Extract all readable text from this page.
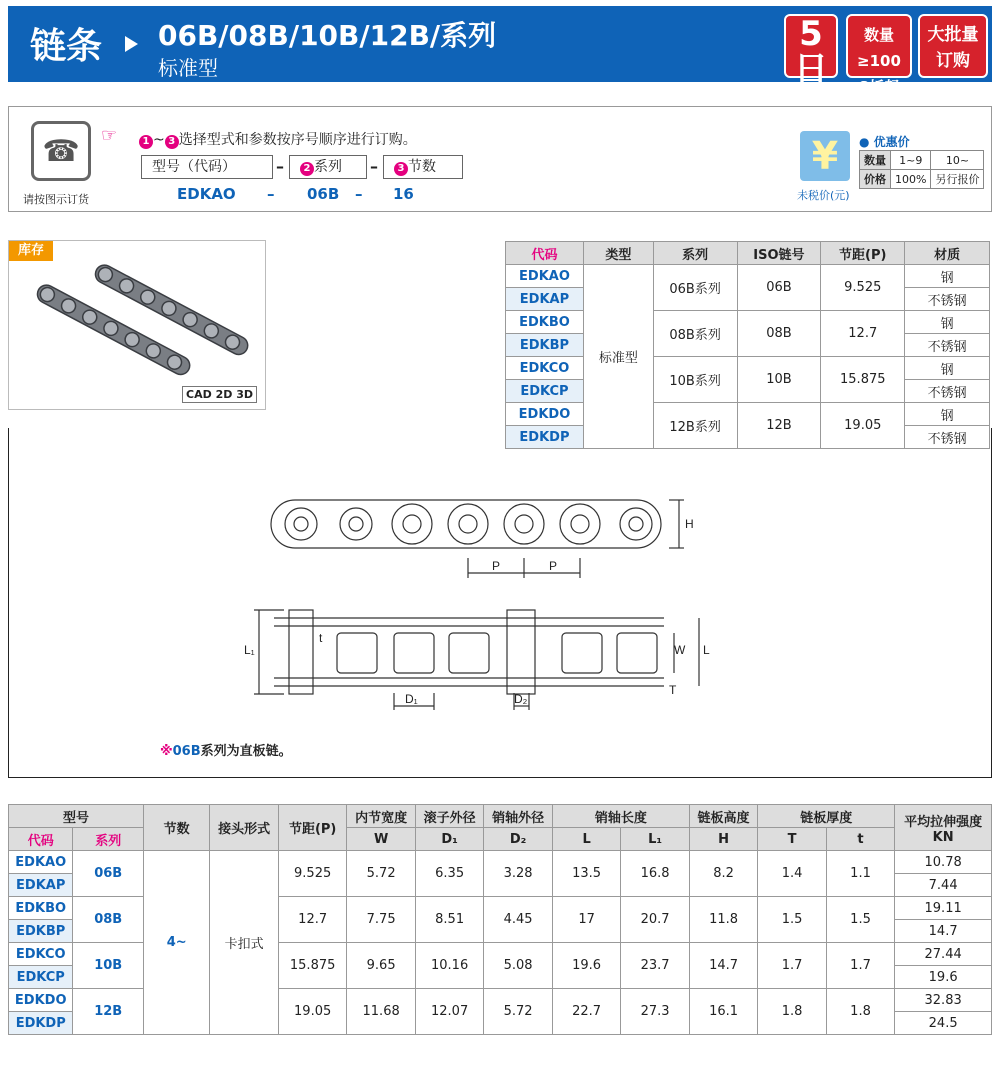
链条 06B/08B/10B/12B/系列
标准型
5日
发货
数量≥100
8折起
大批量
订购
☎
请按图示订货
☞	1 ~ 3 选择型式和参数按序号顺序进行订购。
型号（代码）	–	2 系列	–	3 节数
EDKAO – 06B – 16
¥
未税价(元)
● 优惠价
数量	1~9	10~
价格	100%	另行报价
库存
CAD 2D 3D
代码	类型	系列	ISO链号	节距(P)	材质
EDKAO	标准型	06B系列	06B	9.525	钢
EDKAP					不锈钢
EDKBO		08B系列	08B	12.7	钢
EDKBP					不锈钢
EDKCO		10B系列	10B	15.875	钢
EDKCP					不锈钢
EDKDO		12B系列	12B	19.05	钢
EDKDP					不锈钢
P	P
H
L₁	W L
T
t
D₁	D₂
※06B系列为直板链。
型号		节数	接头形式	节距(P)	内节宽度	滚子外径	销轴外径	销轴长度		链板高度	链板厚度		平均拉伸强度
KN
代码	系列				W	D₁	D₂	L	L₁	H	T	t	
EDKAO	06B	4~	卡扣式	9.525	5.72	6.35	3.28	13.5	16.8	8.2	1.4	1.1	10.78
EDKAP													7.44
EDKBO	08B			12.7	7.75	8.51	4.45	17	20.7	11.8	1.5	1.5	19.11
EDKBP													14.7
EDKCO	10B			15.875	9.65	10.16	5.08	19.6	23.7	14.7	1.7	1.7	27.44
EDKCP													19.6
EDKDO	12B			19.05	11.68	12.07	5.72	22.7	27.3	16.1	1.8	1.8	32.83
EDKDP													24.5
